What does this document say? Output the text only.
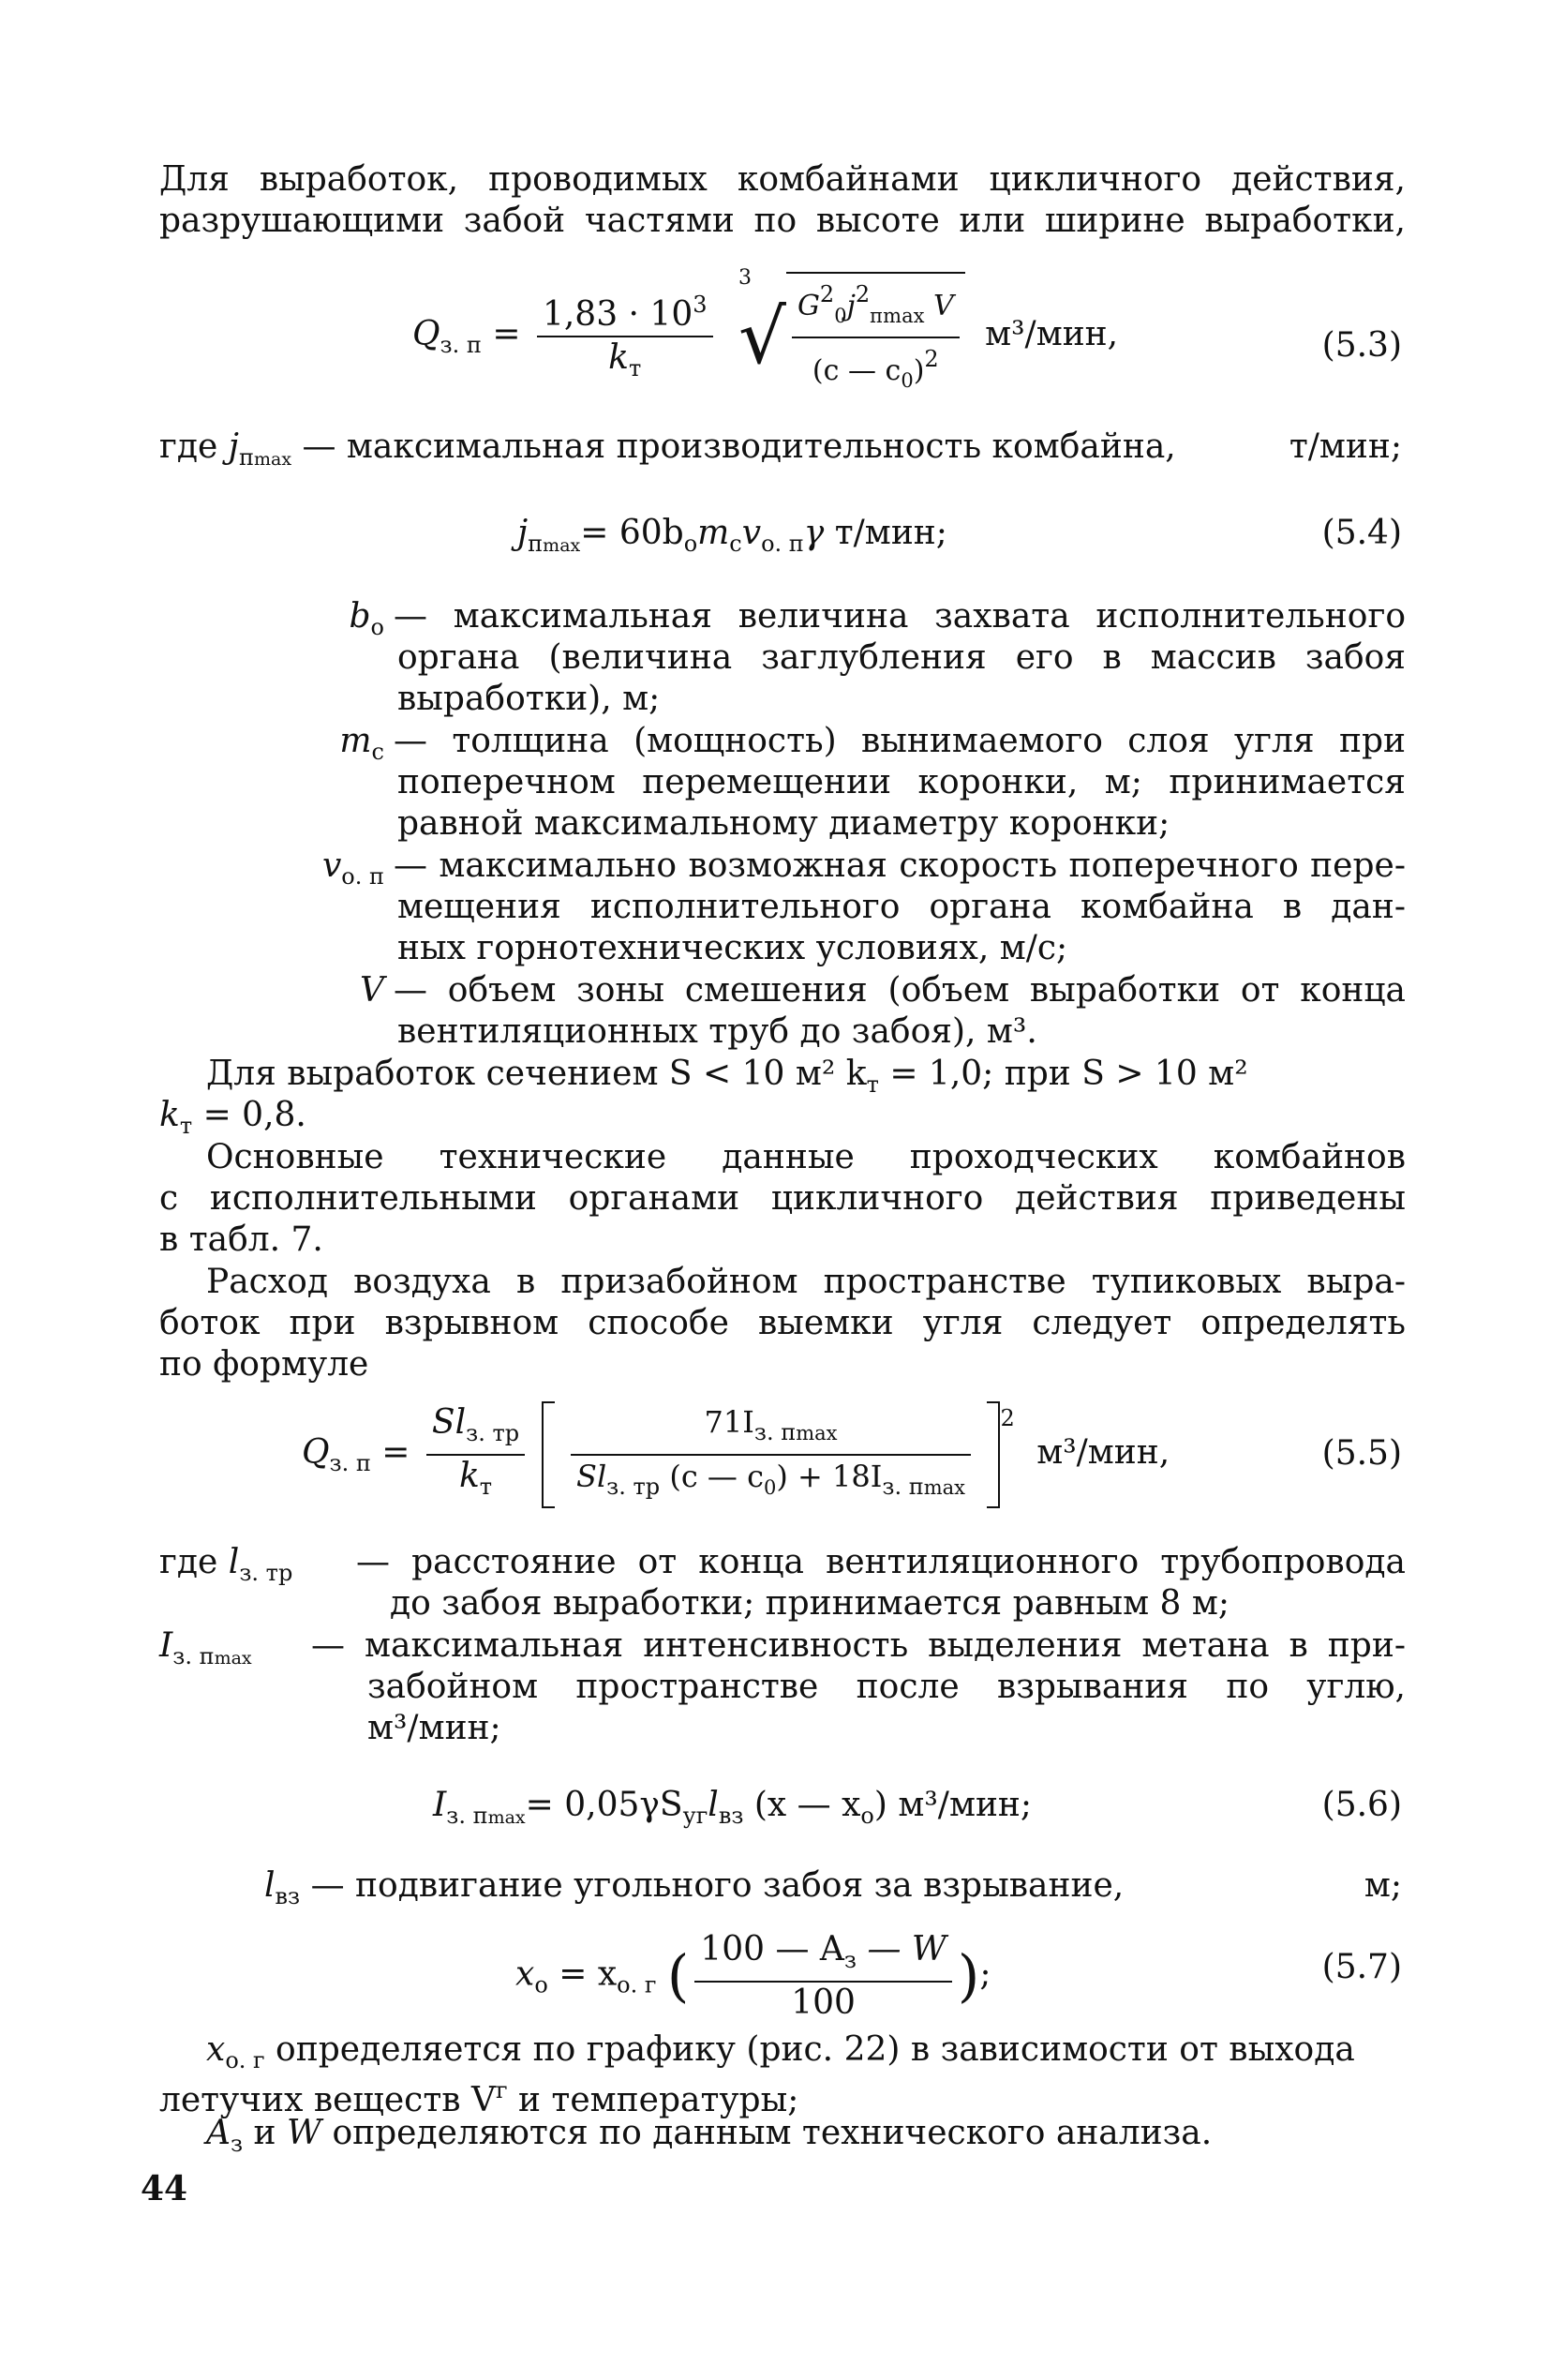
Для выработок, проводимых комбайнами цикличного действия,
разрушающими забой частями по высоте или ширине выработки,
$Q_{з. п}$ =
$1,83 \cdot 10^3$
$k_т$

3
√ $G^2_0j^2_{пmax}$ V
(c — $c_0)^2$
м³/мин,	(5.3)
где $j_{пmax}$ — максимальная производительность комбайна,	т/мин;
$j_{пmax}= 60b_оm_сv_{о. п}\gamma$ т/мин;	(5.4)
$b_о$ — максимальная величина захвата исполнительного
органа (величина заглубления его в массив забоя
выработки), м;
$m_с$ — толщина (мощность) вынимаемого слоя угля при
поперечном перемещении коронки, м; принимается
равной максимальному диаметру коронки;
$v_{о. п}$ — максимально возможная скорость поперечного пере-
мещения исполнительного органа комбайна в дан-
ных горнотехнических условиях, м/с;
V — объем зоны смешения (объем выработки от конца
вентиляционных труб до забоя), м³.
Для выработок сечением S < 10 м² $k_т = 1,0$; при S > 10 м²
$k_т = 0,8$.
Основные технические данные проходческих комбайнов
с исполнительными органами цикличного действия приведены
в табл. 7.
Расход воздуха в призабойном пространстве тупиковых выра-
боток при взрывном способе выемки угля следует определять
по формуле
$Q_{з. п}$ =
$Sl_{з. тр}$
$k_т$

$71I_{з. пmax}$
$Sl_{з. тр}$ (c — $c_0) + 18I_{з. пmax}$
$^2$ м³/мин,	(5.5)
где $l_{з. тр}$ — расстояние от конца вентиляционного трубопровода
до забоя выработки; принимается равным 8 м;
$I_{з. пmax}$ — максимальная интенсивность выделения метана в при-
забойном пространстве после взрывания по углю,
м³/мин;
$I_{з. пmax}= 0,05\gamma S_{уг}l_{вз}$ (x — $x_о$) м³/мин;	(5.6)
$l_{вз}$ — подвигание угольного забоя за взрывание,	м;
$x_о = x_{о. г}$ ( 100 — $A_з$ — W
100	);	(5.7)
$x_{о. г}$ определяется по графику (рис. 22) в зависимости от выхода
летучих веществ $V^г$ и температуры;
$A_з$ и W определяются по данным технического анализа.
44
